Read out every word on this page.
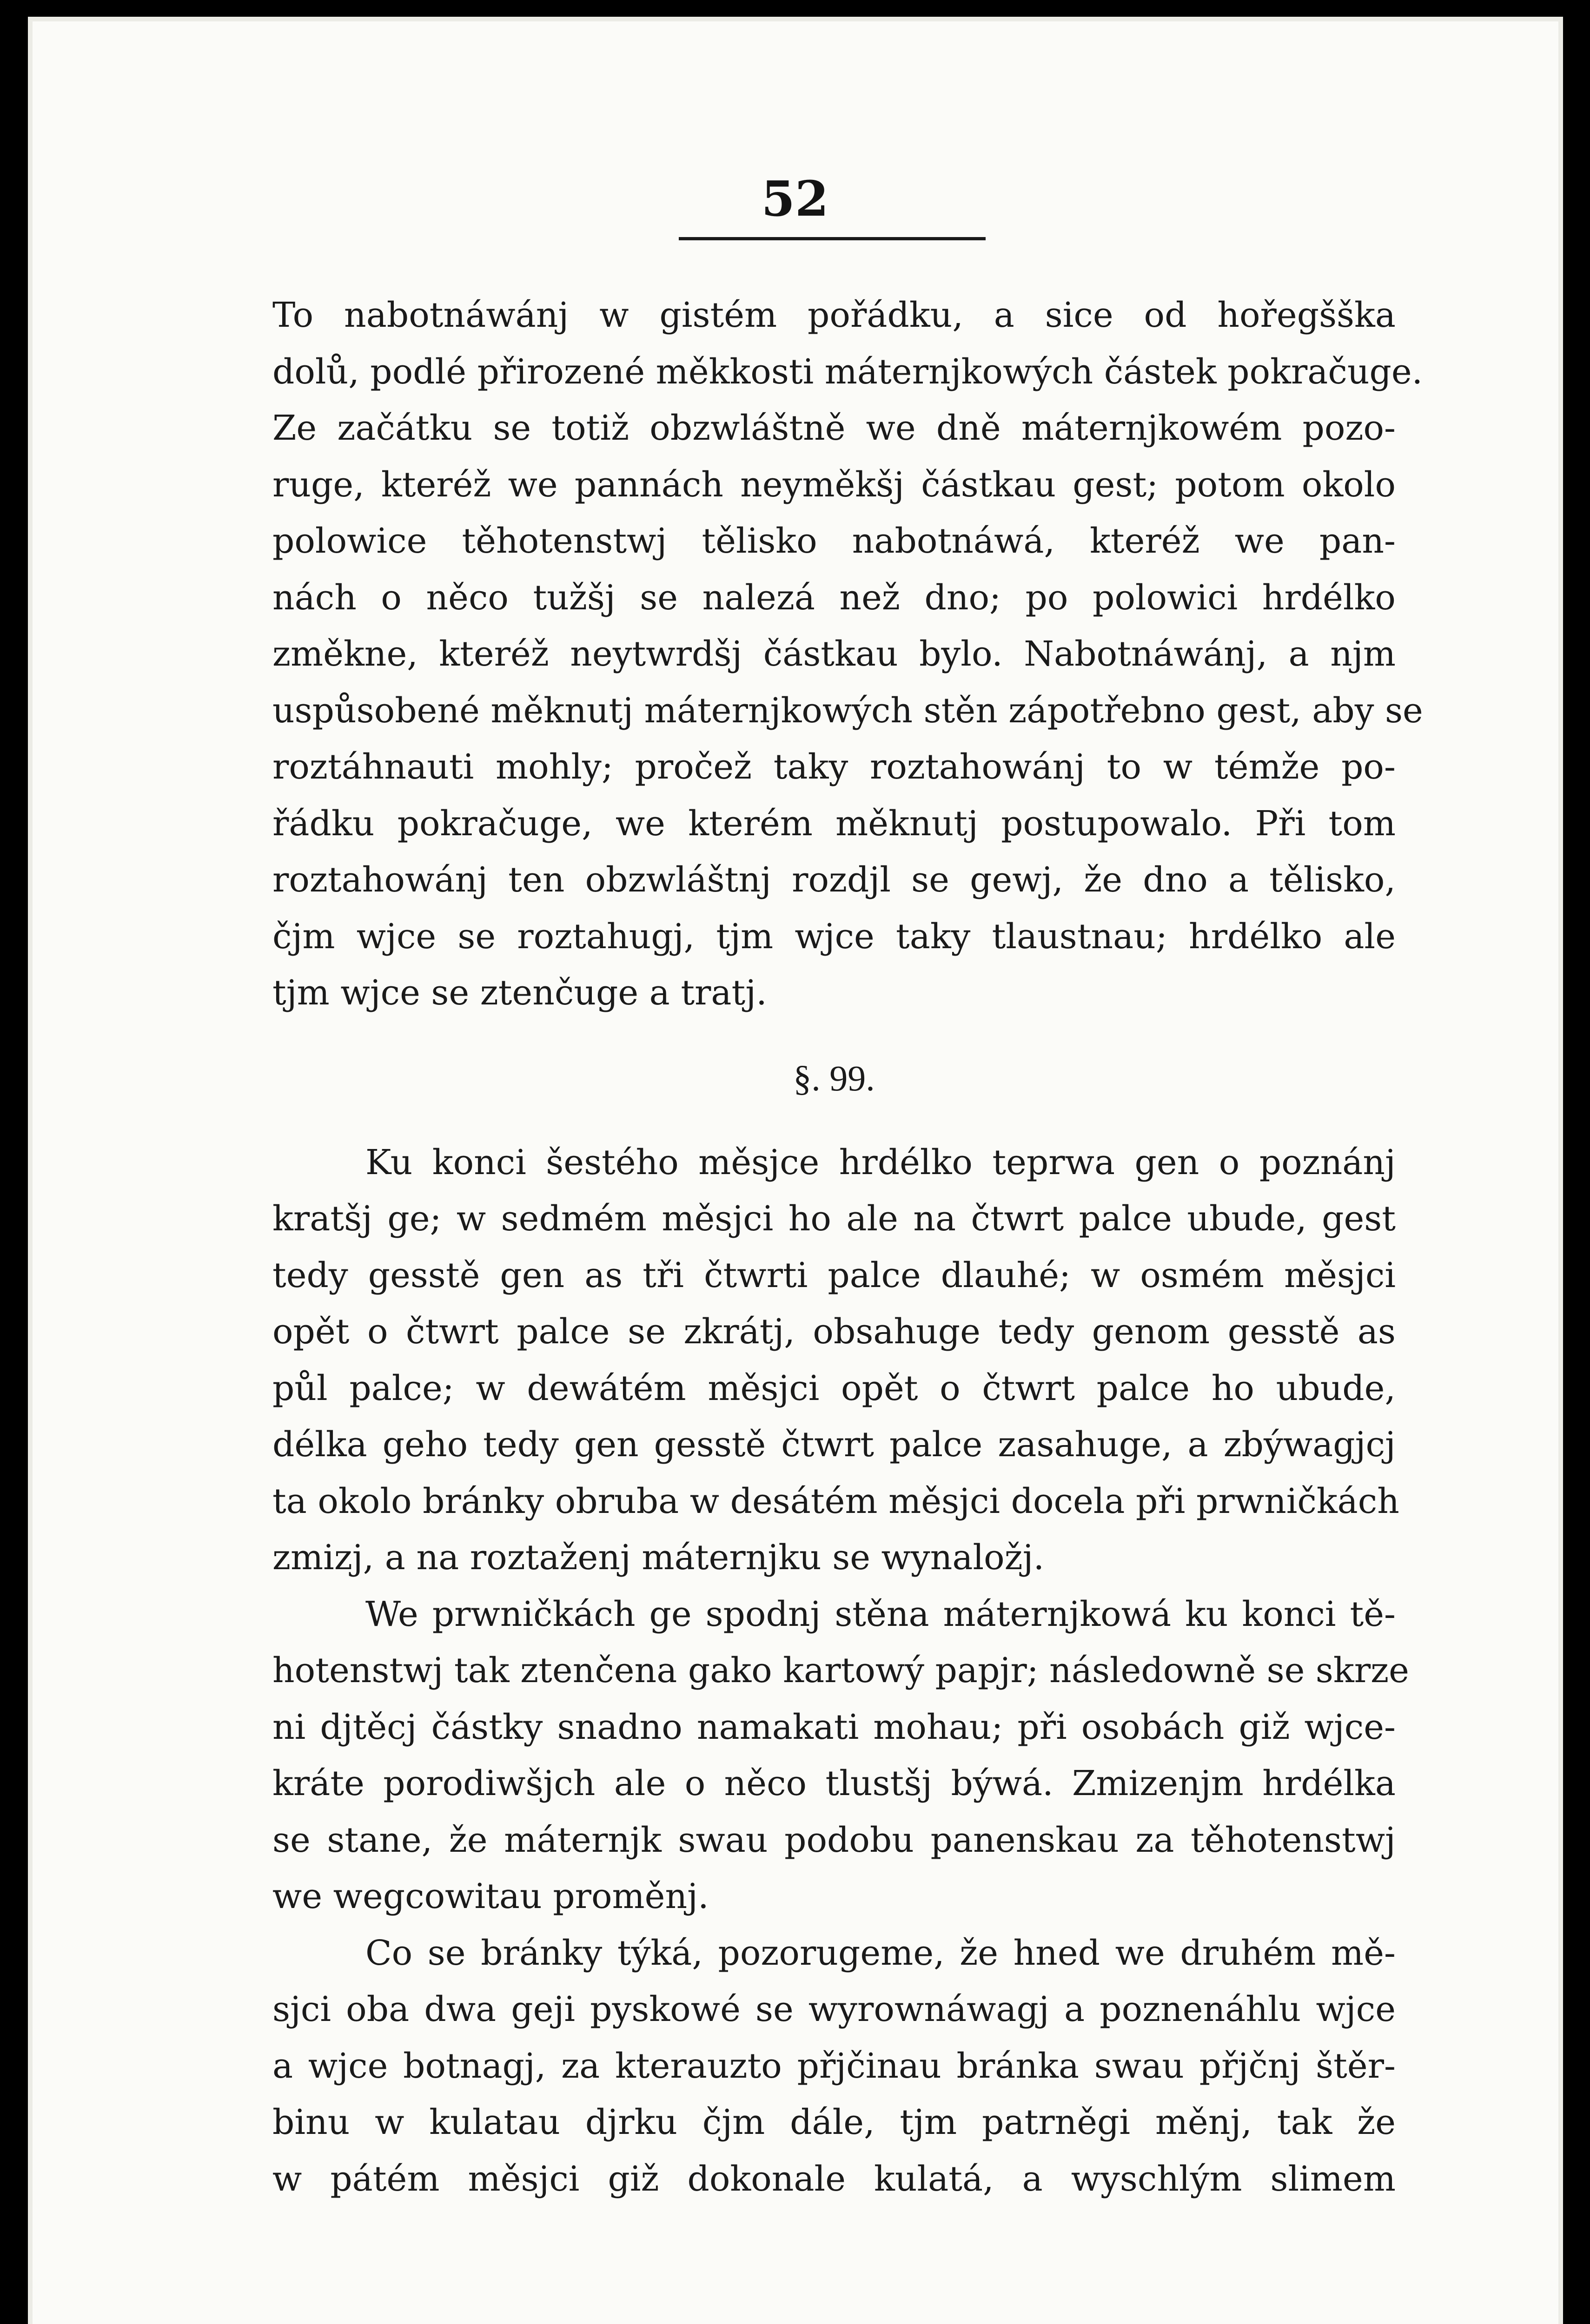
52
To nabotnáwánj w gistém pořádku, a sice od hořegšška
dolů, podlé přirozené měkkosti máternjkowých částek pokračuge.
Ze začátku se totiž obzwláštně we dně máternjkowém pozo-
ruge, kteréž we pannách neyměkšj částkau gest; potom okolo
polowice těhotenstwj tělisko nabotnáwá, kteréž we pan-
nách o něco tužšj se nalezá než dno; po polowici hrdélko
změkne, kteréž neytwrdšj částkau bylo. Nabotnáwánj, a njm
uspůsobené měknutj máternjkowých stěn zápotřebno gest, aby se
roztáhnauti mohly; pročež taky roztahowánj to w témže po-
řádku pokračuge, we kterém měknutj postupowalo. Při tom
roztahowánj ten obzwláštnj rozdjl se gewj, že dno a tělisko,
čjm wjce se roztahugj, tjm wjce taky tlaustnau; hrdélko ale
tjm wjce se ztenčuge a tratj.
§. 99.
Ku konci šestého měsjce hrdélko teprwa gen o poznánj
kratšj ge; w sedmém měsjci ho ale na čtwrt palce ubude, gest
tedy gesstě gen as tři čtwrti palce dlauhé; w osmém měsjci
opět o čtwrt palce se zkrátj, obsahuge tedy genom gesstě as
půl palce; w dewátém měsjci opět o čtwrt palce ho ubude,
délka geho tedy gen gesstě čtwrt palce zasahuge, a zbýwagjcj
ta okolo bránky obruba w desátém měsjci docela při prwničkách
zmizj, a na roztaženj máternjku se wynaložj.
We prwničkách ge spodnj stěna máternjkowá ku konci tě-
hotenstwj tak ztenčena gako kartowý papjr; následowně se skrze
ni djtěcj částky snadno namakati mohau; při osobách giž wjce-
kráte porodiwšjch ale o něco tlustšj býwá. Zmizenjm hrdélka
se stane, že máternjk swau podobu panenskau za těhotenstwj
we wegcowitau proměnj.
Co se bránky týká, pozorugeme, že hned we druhém mě-
sjci oba dwa geji pyskowé se wyrownáwagj a poznenáhlu wjce
a wjce botnagj, za kterauzto přjčinau bránka swau přjčnj štěr-
binu w kulatau djrku čjm dále, tjm patrněgi měnj, tak že
w pátém měsjci giž dokonale kulatá, a wyschlým slimem
